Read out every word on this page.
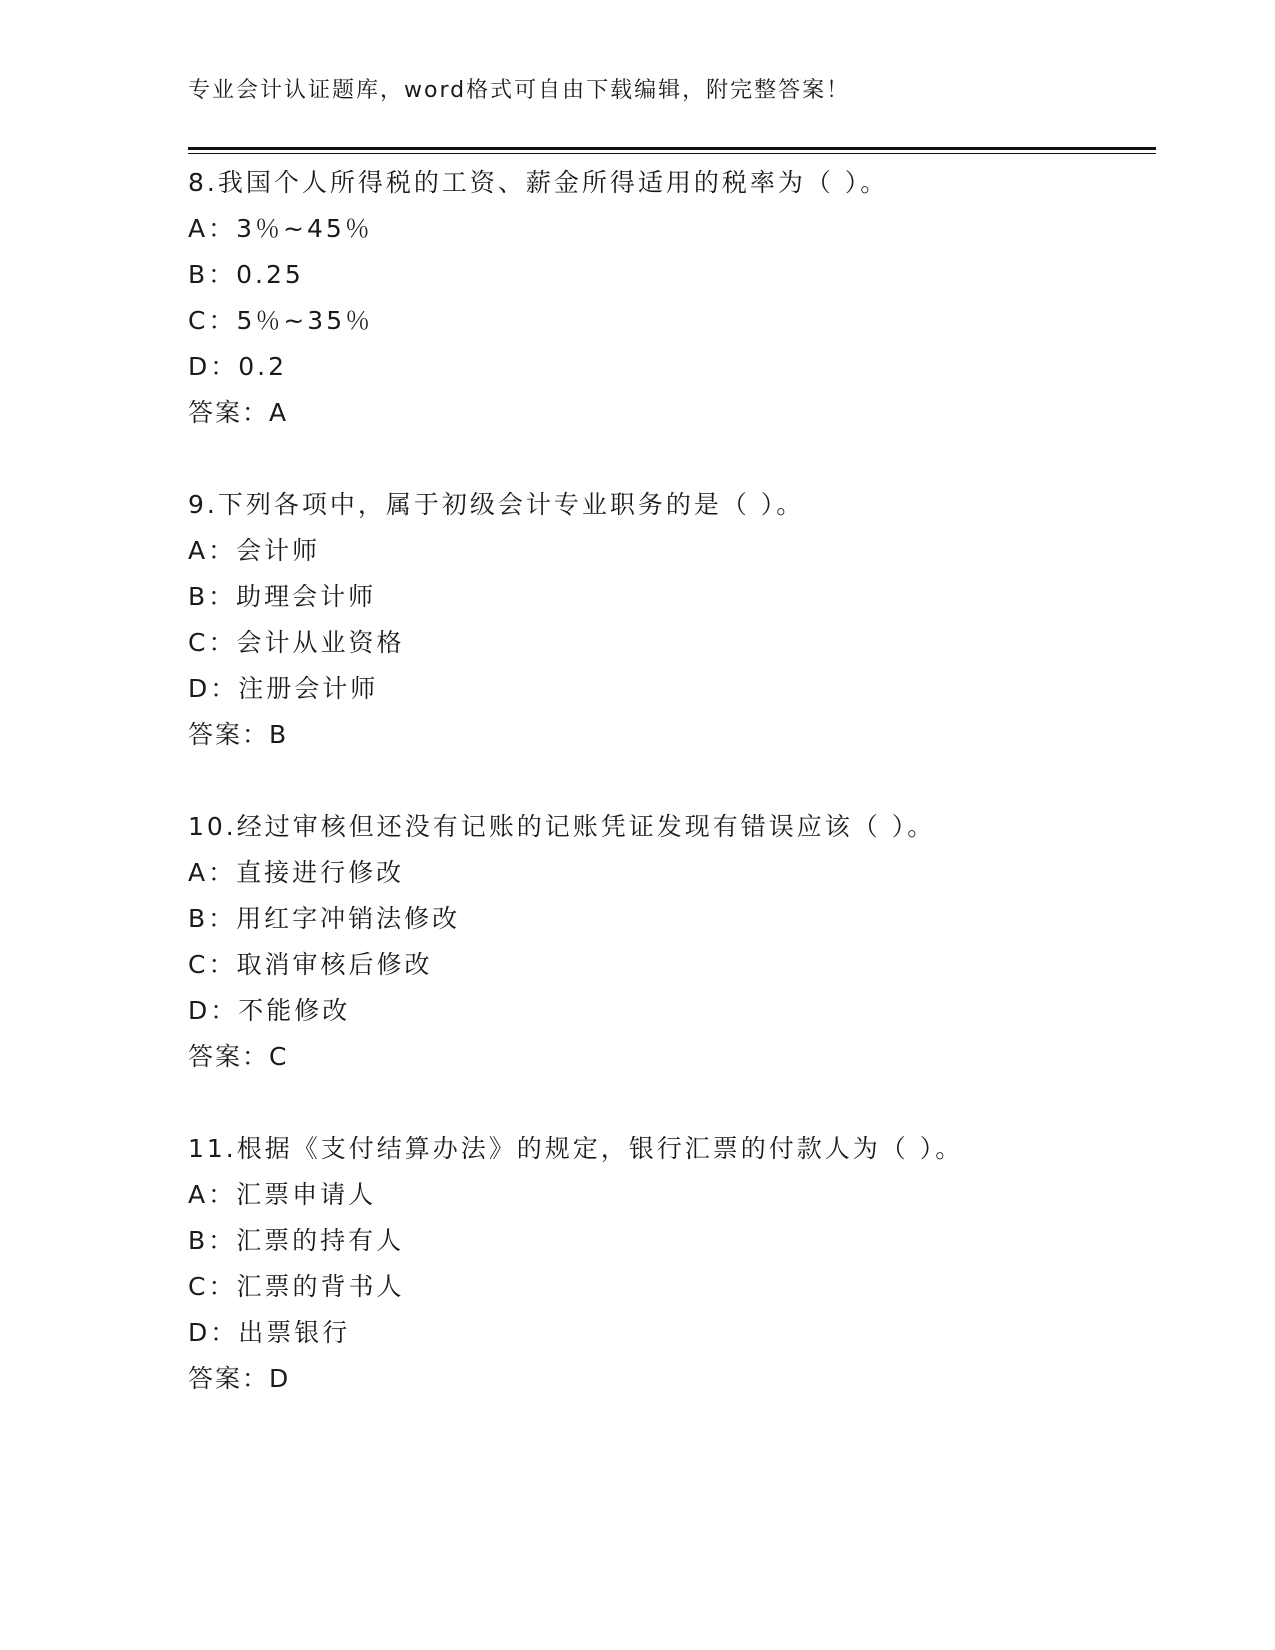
专业会计认证题库，word格式可自由下载编辑，附完整答案！
8.我国个人所得税的工资、薪金所得适用的税率为（ ）。
A：3％~45％
B：0.25
C：5％~35％
D：0.2
答案：A
9.下列各项中，属于初级会计专业职务的是（ ）。
A：会计师
B：助理会计师
C：会计从业资格
D：注册会计师
答案：B
10.经过审核但还没有记账的记账凭证发现有错误应该（ ）。
A：直接进行修改
B：用红字冲销法修改
C：取消审核后修改
D：不能修改
答案：C
11.根据《支付结算办法》的规定，银行汇票的付款人为（ ）。
A：汇票申请人
B：汇票的持有人
C：汇票的背书人
D：出票银行
答案：D
